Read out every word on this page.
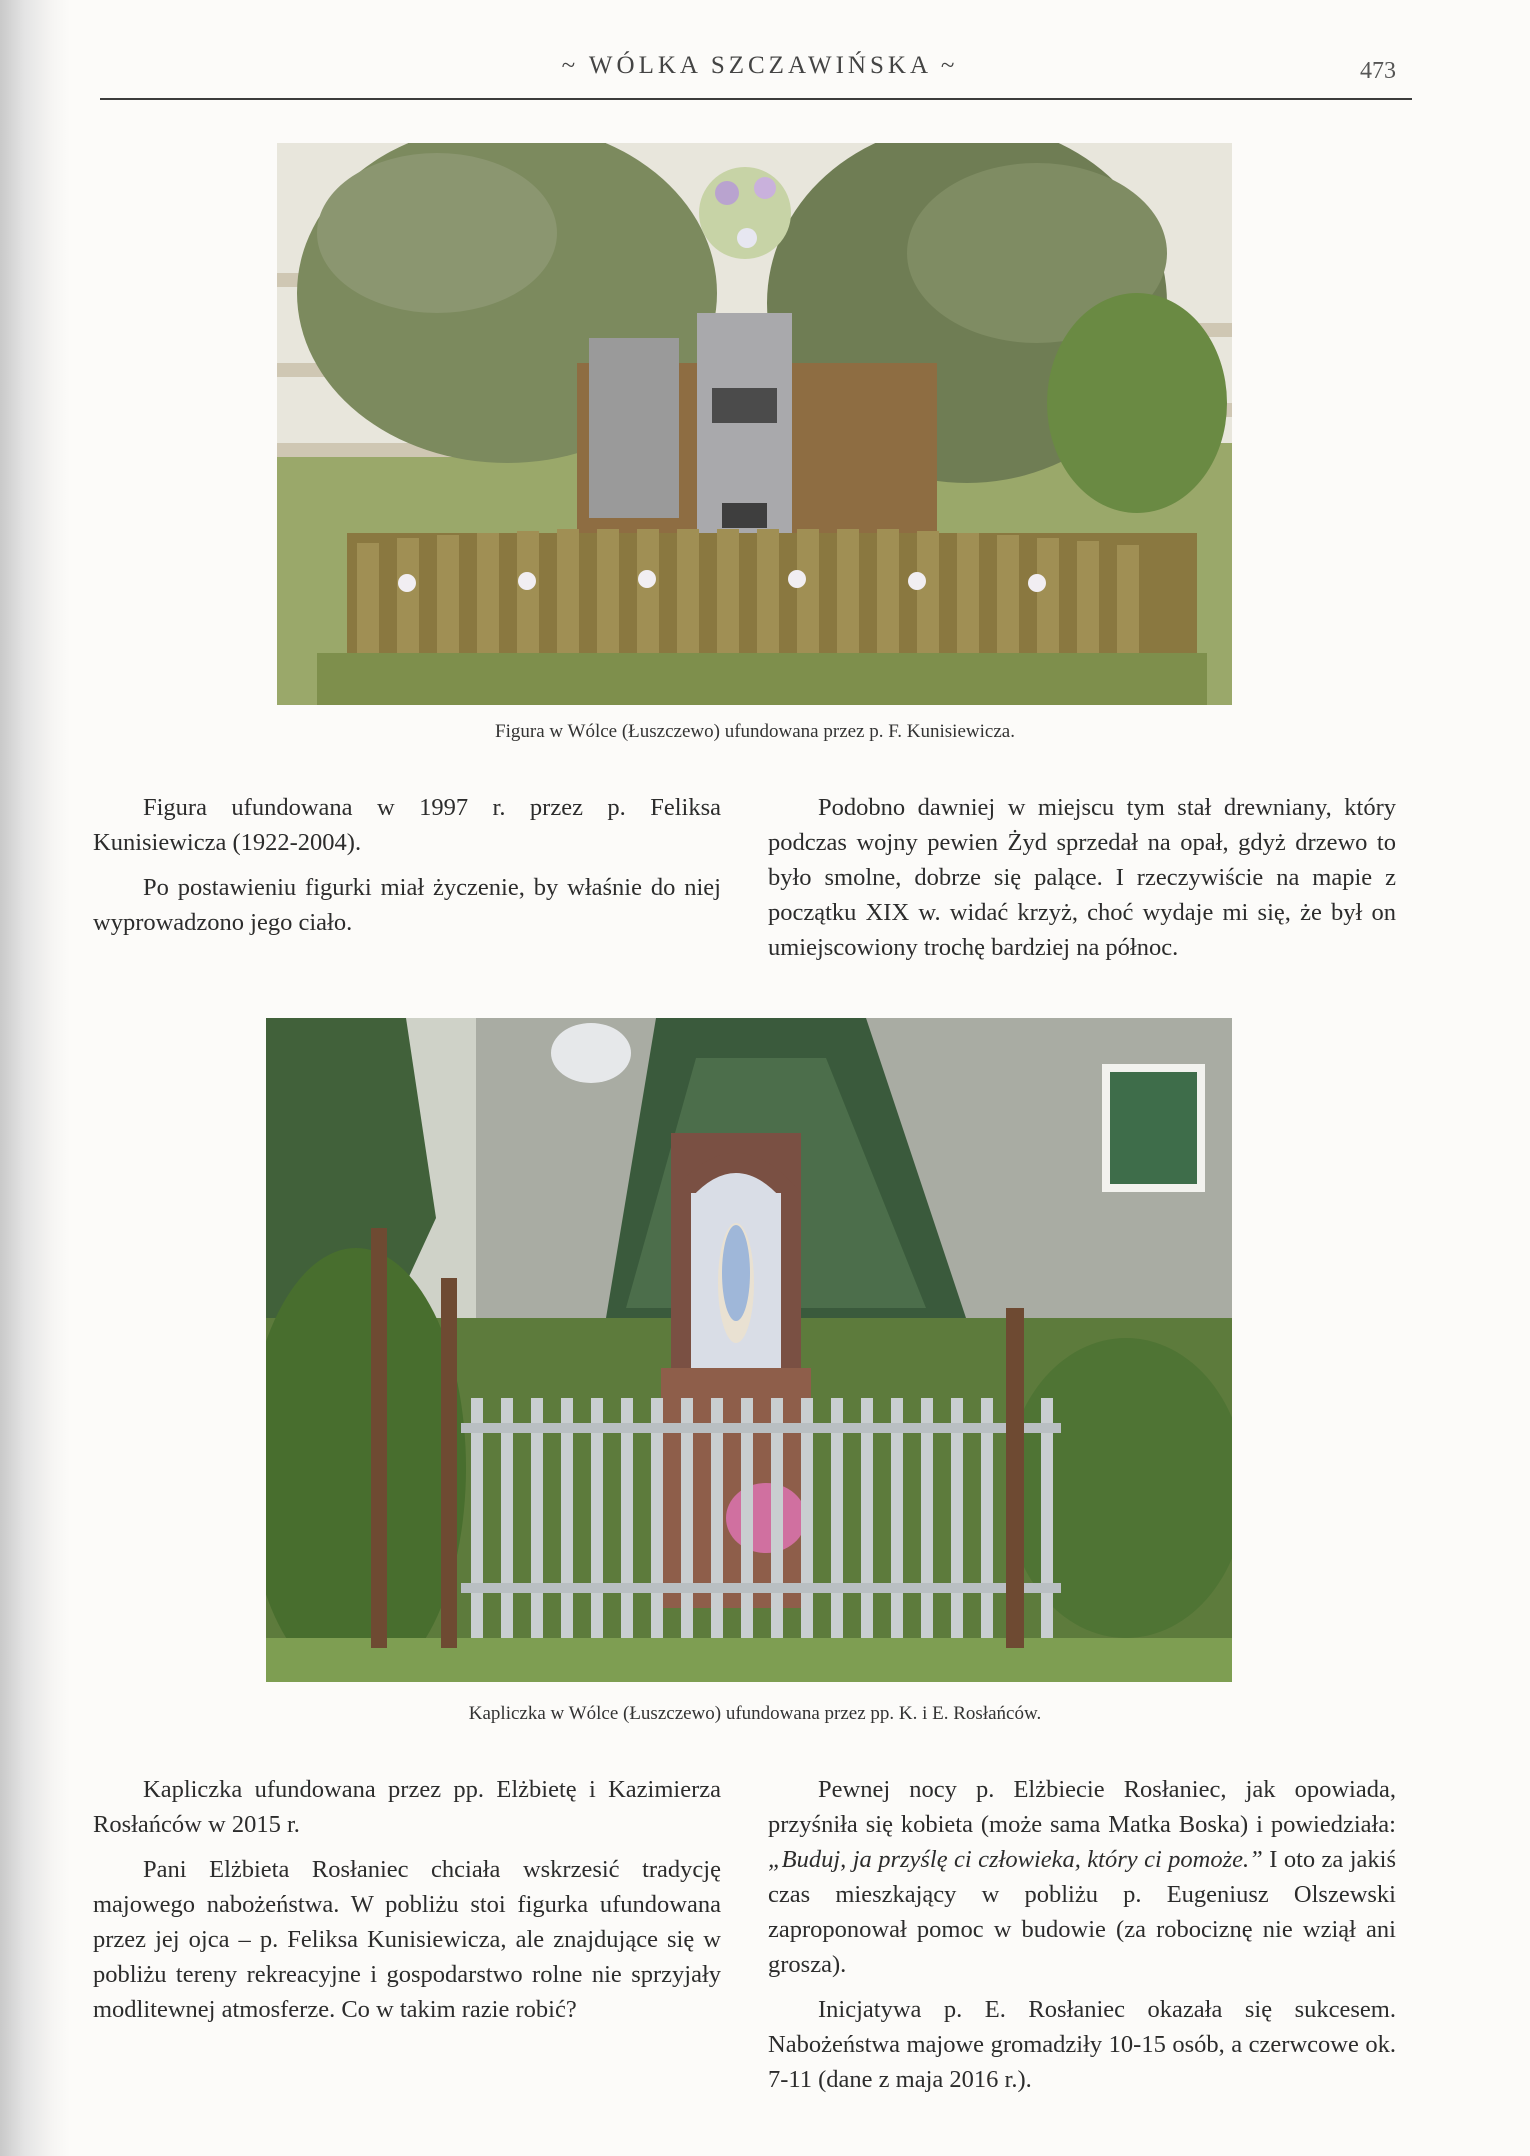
~ WÓLKA SZCZAWIŃSKA ~	473
Figura w Wólce (Łuszczewo) ufundowana przez p. F. Kunisiewicza.

Figura ufundowana w 1997 r. przez p. Feliksa Kunisiewicza (1922-2004).

Po postawieniu figurki miał życzenie, by właśnie do niej wyprowadzono jego ciało.

Podobno dawniej w miejscu tym stał drewniany, który podczas wojny pewien Żyd sprzedał na opał, gdyż drzewo to było smolne, dobrze się palące. I rzeczywiście na mapie z początku XIX w. widać krzyż, choć wydaje mi się, że był on umiejscowiony trochę bardziej na północ.

Kapliczka w Wólce (Łuszczewo) ufundowana przez pp. K. i E. Rosłańców.

Kapliczka ufundowana przez pp. Elżbietę i Kazimierza Rosłańców w 2015 r.

Pani Elżbieta Rosłaniec chciała wskrzesić tradycję majowego nabożeństwa. W pobliżu stoi figurka ufundowana przez jej ojca – p. Feliksa Kunisiewicza, ale znajdujące się w pobliżu tereny rekreacyjne i gospodarstwo rolne nie sprzyjały modlitewnej atmosferze. Co w takim razie robić?

Pewnej nocy p. Elżbiecie Rosłaniec, jak opowiada, przyśniła się kobieta (może sama Matka Boska) i powiedziała: „Buduj, ja przyślę ci człowieka, który ci pomoże.” I oto za jakiś czas mieszkający w pobliżu p. Eugeniusz Olszewski zaproponował pomoc w budowie (za robociznę nie wziął ani grosza).

Inicjatywa p. E. Rosłaniec okazała się sukcesem. Nabożeństwa majowe gromadziły 10-15 osób, a czerwcowe ok. 7-11 (dane z maja 2016 r.).
